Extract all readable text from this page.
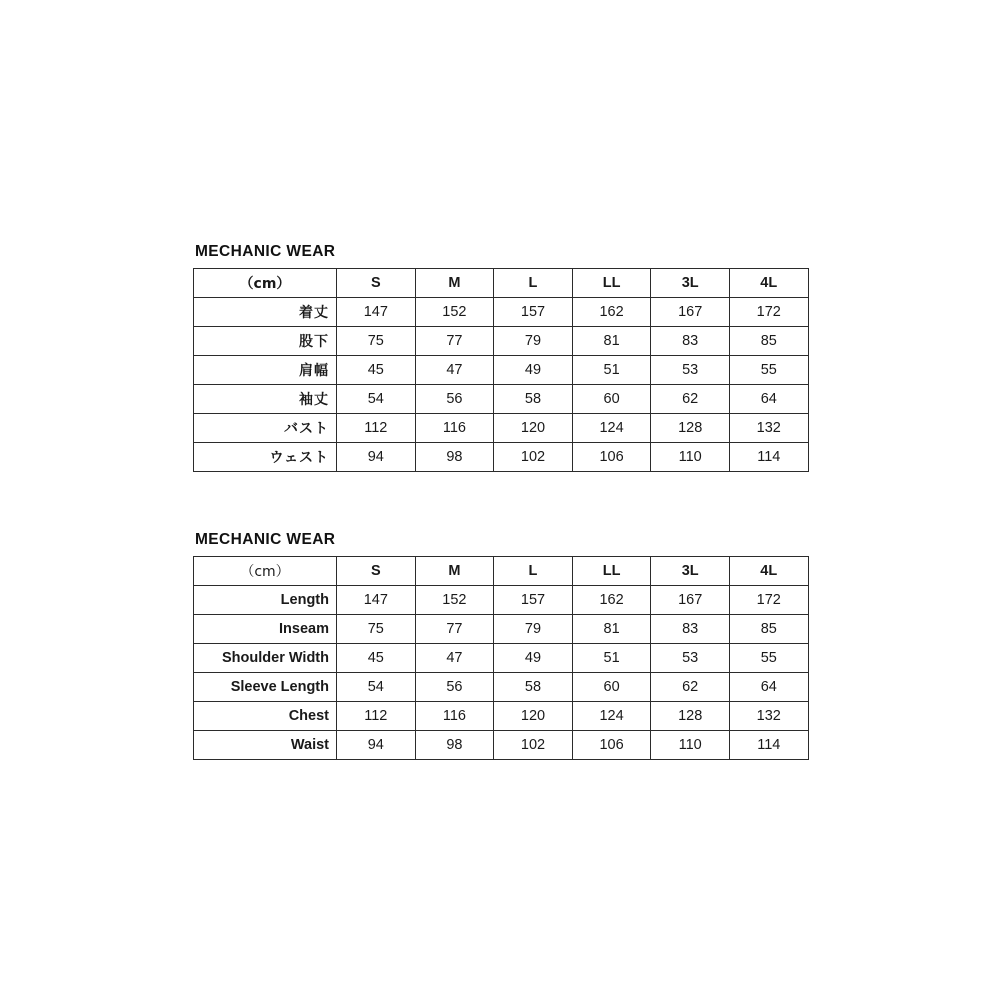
MECHANIC WEAR
（cm）	S	M	L	LL	3L	4L
着丈	147	152	157	162	167	172
股下	75	77	79	81	83	85
肩幅	45	47	49	51	53	55
袖丈	54	56	58	60	62	64
バスト	112	116	120	124	128	132
ウェスト	94	98	102	106	110	114
MECHANIC WEAR
（cm）	S	M	L	LL	3L	4L
Length	147	152	157	162	167	172
Inseam	75	77	79	81	83	85
Shoulder Width	45	47	49	51	53	55
Sleeve Length	54	56	58	60	62	64
Chest	112	116	120	124	128	132
Waist	94	98	102	106	110	114
